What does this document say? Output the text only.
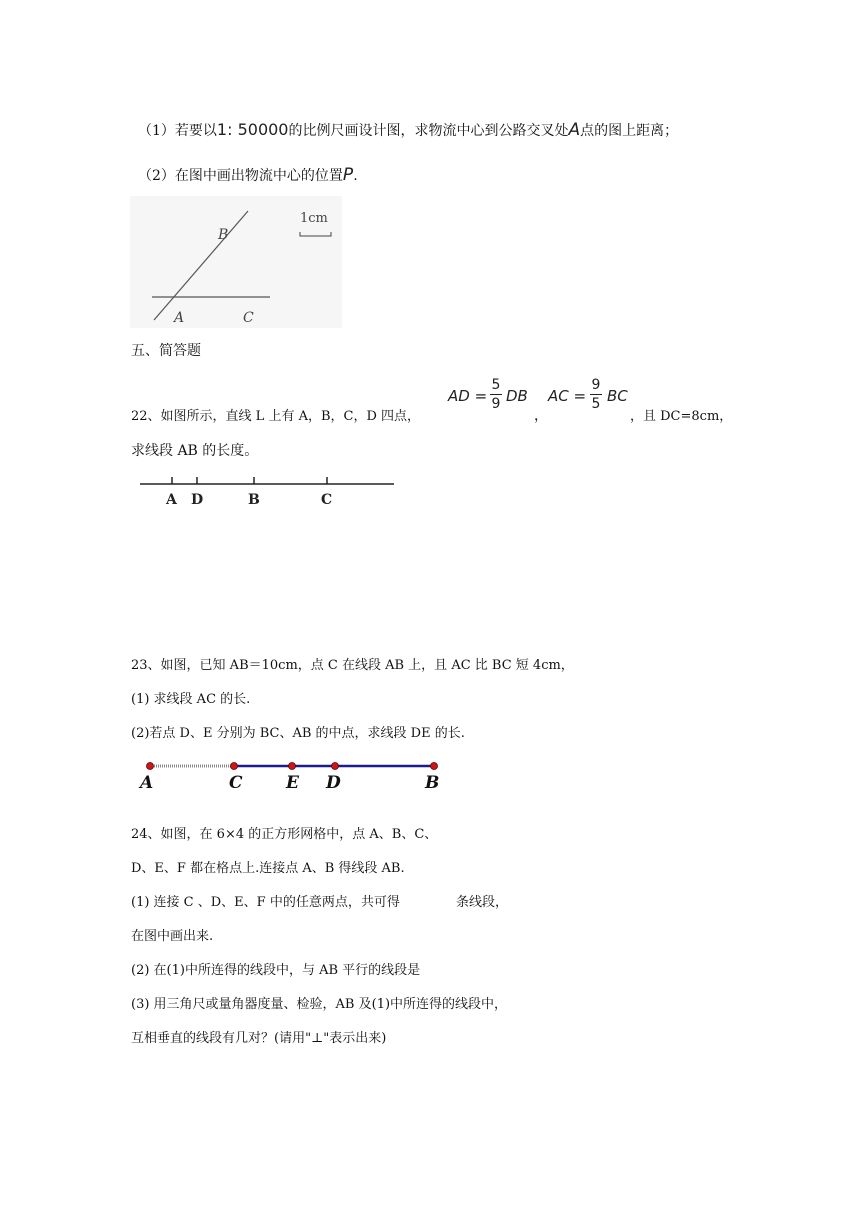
（1）若要以1: 50000的比例尺画设计图，求物流中心到公路交叉处A点的图上距离；
（2）在图中画出物流中心的位置P.
B
A	C
1cm
五、简答题
22、如图所示，直线 L 上有 A，B，C，D 四点，
AD =
5
9 DB
，
AC =
9
5 BC
，且 DC=8cm，
求线段 AB 的长度。
A D	B	C
23、如图，已知 AB＝10cm，点 C 在线段 AB 上，且 AC 比 BC 短 4cm，
(1) 求线段 AC 的长.
(2)若点 D、E 分别为 BC、AB 的中点，求线段 DE 的长.
A	C	E D	B
24、如图，在 6×4 的正方形网格中，点 A、B、C、
D、E、F 都在格点上.连接点 A、B 得线段 AB.
(1) 连接 C 、D、E、F 中的任意两点，共可得	条线段，
在图中画出来.
(2) 在(1)中所连得的线段中，与 AB 平行的线段是
(3) 用三角尺或量角器度量、检验，AB 及(1)中所连得的线段中，
互相垂直的线段有几对？(请用"⊥"表示出来)
